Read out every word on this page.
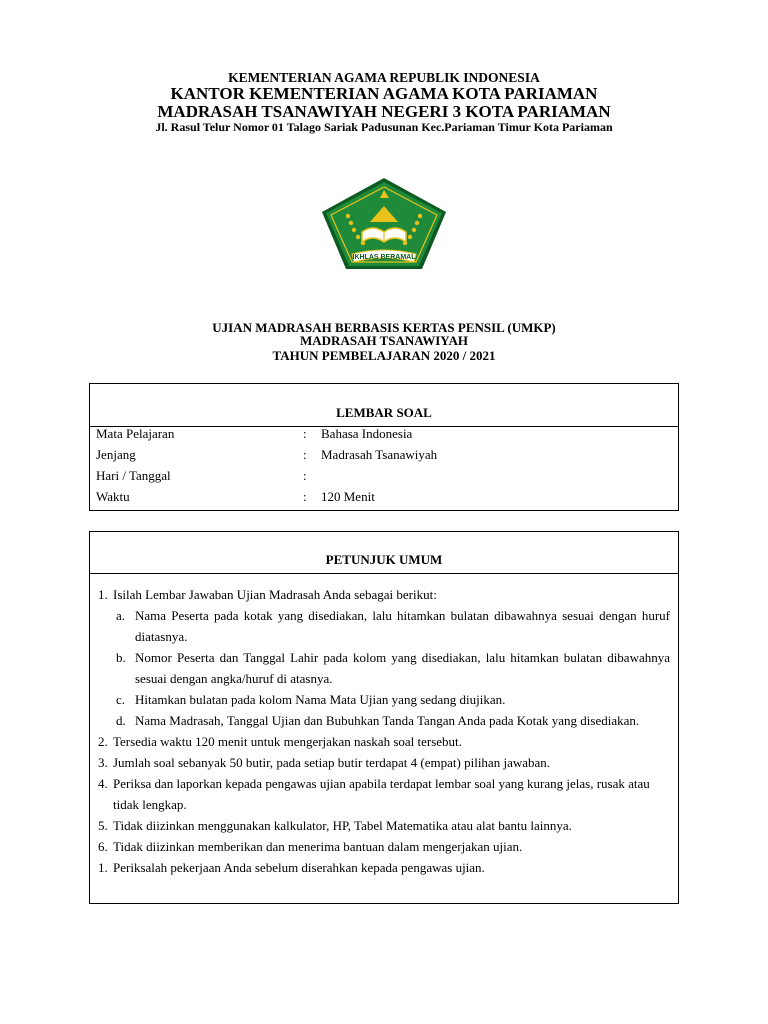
KEMENTERIAN AGAMA REPUBLIK INDONESIA
KANTOR KEMENTERIAN AGAMA KOTA PARIAMAN
MADRASAH TSANAWIYAH NEGERI 3 KOTA PARIAMAN
Jl. Rasul Telur Nomor 01 Talago Sariak Padusunan Kec.Pariaman Timur Kota Pariaman
IKHLAS BERAMAL
UJIAN MADRASAH BERBASIS KERTAS PENSIL (UMKP)
MADRASAH TSANAWIYAH
TAHUN PEMBELAJARAN 2020 / 2021
LEMBAR SOAL
Mata Pelajaran	: Bahasa Indonesia
Jenjang	: Madrasah Tsanawiyah
Hari / Tanggal	:
Waktu	: 120 Menit
PETUNJUK UMUM
1. Isilah Lembar Jawaban Ujian Madrasah Anda sebagai berikut:
a. Nama Peserta pada kotak yang disediakan, lalu hitamkan bulatan dibawahnya sesuai dengan huruf diatasnya.
b. Nomor Peserta dan Tanggal Lahir pada kolom yang disediakan, lalu hitamkan bulatan dibawahnya sesuai dengan angka/huruf di atasnya.
c. Hitamkan bulatan pada kolom Nama Mata Ujian yang sedang diujikan.
d. Nama Madrasah, Tanggal Ujian dan Bubuhkan Tanda Tangan Anda pada Kotak yang disediakan.
2. Tersedia waktu 120 menit untuk mengerjakan naskah soal tersebut.
3. Jumlah soal sebanyak 50 butir, pada setiap butir terdapat 4 (empat) pilihan jawaban.
4. Periksa dan laporkan kepada pengawas ujian apabila terdapat lembar soal yang kurang jelas, rusak atau tidak lengkap.
5. Tidak diizinkan menggunakan kalkulator, HP, Tabel Matematika atau alat bantu lainnya.
6. Tidak diizinkan memberikan dan menerima bantuan dalam mengerjakan ujian.
1. Periksalah pekerjaan Anda sebelum diserahkan kepada pengawas ujian.
